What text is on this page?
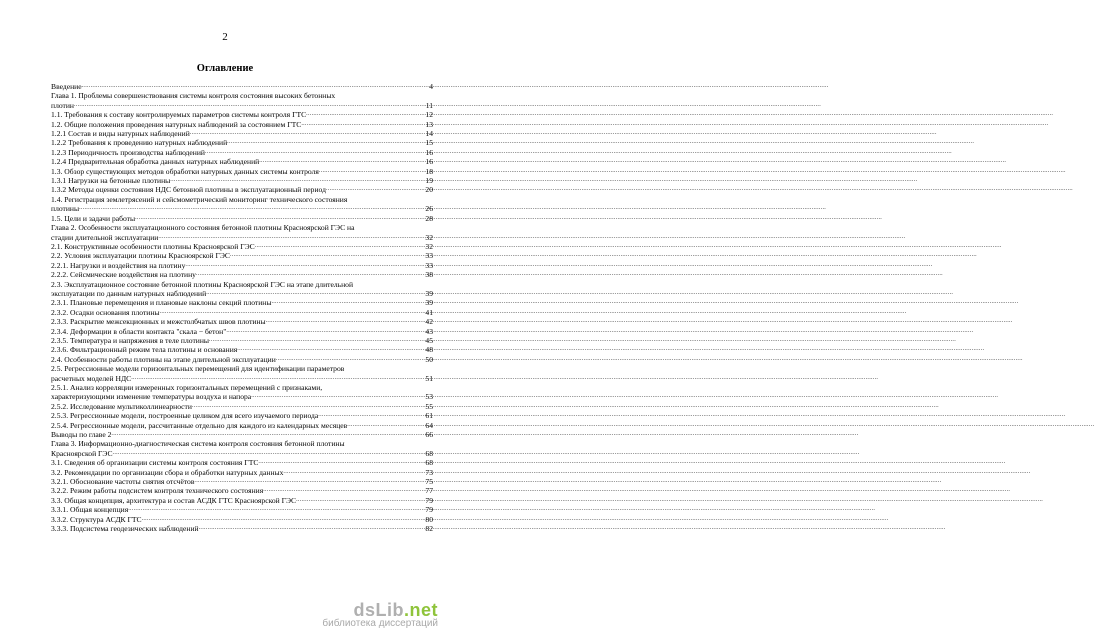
2
Оглавление
Введение .....	4
Глава 1. Проблемы совершенствования системы контроля состояния высоких бетонных
плотин .....	11
1.1. Требования к составу контролируемых параметров системы контроля ГТС .....	12
1.2. Общие положения проведения натурных наблюдений за состоянием ГТС .....	13
1.2.1 Состав и виды натурных наблюдений .....	14
1.2.2 Требования к проведению натурных наблюдений .....	15
1.2.3 Периодичность производства наблюдений .....	16
1.2.4 Предварительная обработка данных натурных наблюдений .....	16
1.3. Обзор существующих методов обработки натурных данных системы контроля .....	18
1.3.1 Нагрузки на бетонные плотины .....	19
1.3.2 Методы оценки состояния НДС бетонной плотины в эксплуатационный период .....	20
1.4. Регистрация землетрясений и сейсмометрический мониторинг технического состояния
плотины .....	26
1.5. Цели и задачи работы .....	28
Глава 2. Особенности эксплуатационного состояния бетонной плотины Красноярской ГЭС на
стадии длительной эксплуатации .....	32
2.1. Конструктивные особенности плотины Красноярской ГЭС .....	32
2.2. Условия эксплуатации плотины Красноярской ГЭС .....	33
2.2.1. Нагрузки и воздействия на плотину .....	33
2.2.2. Сейсмические воздействия на плотину .....	38
2.3. Эксплуатационное состояние бетонной плотины Красноярской ГЭС на этапе длительной
эксплуатации по данным натурных наблюдений .....	39
2.3.1. Плановые перемещения и плановые наклоны секций плотины .....	39
2.3.2. Осадки основания плотины .....	41
2.3.3. Раскрытие межсекционных и межстолбчатых швов плотины .....	42
2.3.4. Деформации в области контакта "скала − бетон" .....	43
2.3.5. Температура и напряжения в теле плотины .....	45
2.3.6. Фильтрационный режим тела плотины и основания .....	48
2.4. Особенности работы плотины на этапе длительной эксплуатации .....	50
2.5. Регрессионные модели горизонтальных перемещений для идентификации параметров
расчетных моделей НДС .....	51
2.5.1. Анализ корреляции измеренных горизонтальных перемещений с признаками,
характеризующими изменение температуры воздуха и напора .....	53
2.5.2. Исследование мультиколлинеарности .....	55
2.5.3. Регрессионные модели, построенные целиком для всего изучаемого периода .....	61
2.5.4. Регрессионные модели, рассчитанные отдельно для каждого из календарных месяцев .....	64
Выводы по главе 2 .....	66
Глава 3. Информационно-диагностическая система контроля состояния бетонной плотины
Красноярской ГЭС .....	68
3.1. Сведения об организации системы контроля состояния ГТС .....	68
3.2. Рекомендации по организации сбора и обработки натурных данных .....	73
3.2.1. Обоснование частоты снятия отсчётов .....	75
3.2.2. Режим работы подсистем контроля технического состояния .....	77
3.3. Общая концепция, архитектура и состав АСДК ГТС Красноярской ГЭС .....	79
3.3.1. Общая концепция .....	79
3.3.2. Структура АСДК ГТС .....	80
3.3.3. Подсистема геодезических наблюдений .....	82
dsLib.net
библиотека диссертаций
